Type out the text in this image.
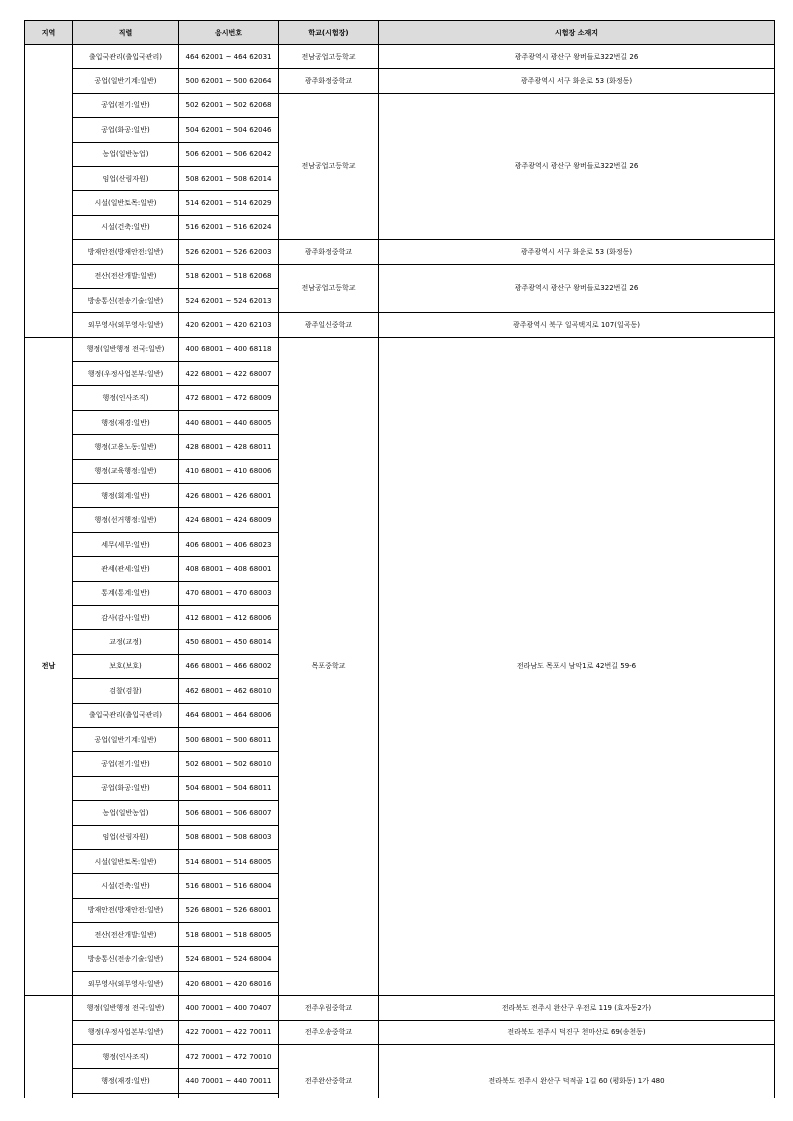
지역	직렬	응시번호	학교(시험장)	시험장 소재지
	출입국관리(출입국관리)	464 62001 ~ 464 62031	전남공업고등학교	광주광역시 광산구 왕버들로322번길 26
	공업(일반기계:일반)	500 62001 ~ 500 62064	광주화정중학교	광주광역시 서구 화운로 53 (화정동)
	공업(전기:일반)	502 62001 ~ 502 62068	전남공업고등학교	광주광역시 광산구 왕버들로322번길 26
	공업(화공:일반)	504 62001 ~ 504 62046		
	농업(일반농업)	506 62001 ~ 506 62042		
	임업(산림자원)	508 62001 ~ 508 62014		
	시설(일반토목:일반)	514 62001 ~ 514 62029		
	시설(건축:일반)	516 62001 ~ 516 62024		
	방재안전(방재안전:일반)	526 62001 ~ 526 62003	광주화정중학교	광주광역시 서구 화운로 53 (화정동)
	전산(전산개발:일반)	518 62001 ~ 518 62068	전남공업고등학교	광주광역시 광산구 왕버들로322번길 26
	방송통신(전송기술:일반)	524 62001 ~ 524 62013		
	외무영사(외무영사:일반)	420 62001 ~ 420 62103	광주일신중학교	광주광역시 북구 일곡택지로 107(일곡동)
전남	행정(일반행정 전국:일반)	400 68001 ~ 400 68118	목포중학교	전라남도 목포시 남악1로 42번길 59-6
	행정(우정사업본부:일반)	422 68001 ~ 422 68007		
	행정(인사조직)	472 68001 ~ 472 68009		
	행정(재경:일반)	440 68001 ~ 440 68005		
	행정(고용노동:일반)	428 68001 ~ 428 68011		
	행정(교육행정:일반)	410 68001 ~ 410 68006		
	행정(회계:일반)	426 68001 ~ 426 68001		
	행정(선거행정:일반)	424 68001 ~ 424 68009		
	세무(세무:일반)	406 68001 ~ 406 68023		
	관세(관세:일반)	408 68001 ~ 408 68001		
	통계(통계:일반)	470 68001 ~ 470 68003		
	감사(감사:일반)	412 68001 ~ 412 68006		
	교정(교정)	450 68001 ~ 450 68014		
	보호(보호)	466 68001 ~ 466 68002		
	검찰(검찰)	462 68001 ~ 462 68010		
	출입국관리(출입국관리)	464 68001 ~ 464 68006		
	공업(일반기계:일반)	500 68001 ~ 500 68011		
	공업(전기:일반)	502 68001 ~ 502 68010		
	공업(화공:일반)	504 68001 ~ 504 68011		
	농업(일반농업)	506 68001 ~ 506 68007		
	임업(산림자원)	508 68001 ~ 508 68003		
	시설(일반토목:일반)	514 68001 ~ 514 68005		
	시설(건축:일반)	516 68001 ~ 516 68004		
	방재안전(방재안전:일반)	526 68001 ~ 526 68001		
	전산(전산개발:일반)	518 68001 ~ 518 68005		
	방송통신(전송기술:일반)	524 68001 ~ 524 68004		
	외무영사(외무영사:일반)	420 68001 ~ 420 68016		
	행정(일반행정 전국:일반)	400 70001 ~ 400 70407	전주우림중학교	전라북도 전주시 완산구 우전로 119 (효자동2가)
	행정(우정사업본부:일반)	422 70001 ~ 422 70011	전주오송중학교	전라북도 전주시 덕진구 천마산로 69(송천동)
	행정(인사조직)	472 70001 ~ 472 70010	전주완산중학교	전라북도 전주시 완산구 덕적골 1길 60 (평화동) 1가 480
	행정(재경:일반)	440 70001 ~ 440 70011		
